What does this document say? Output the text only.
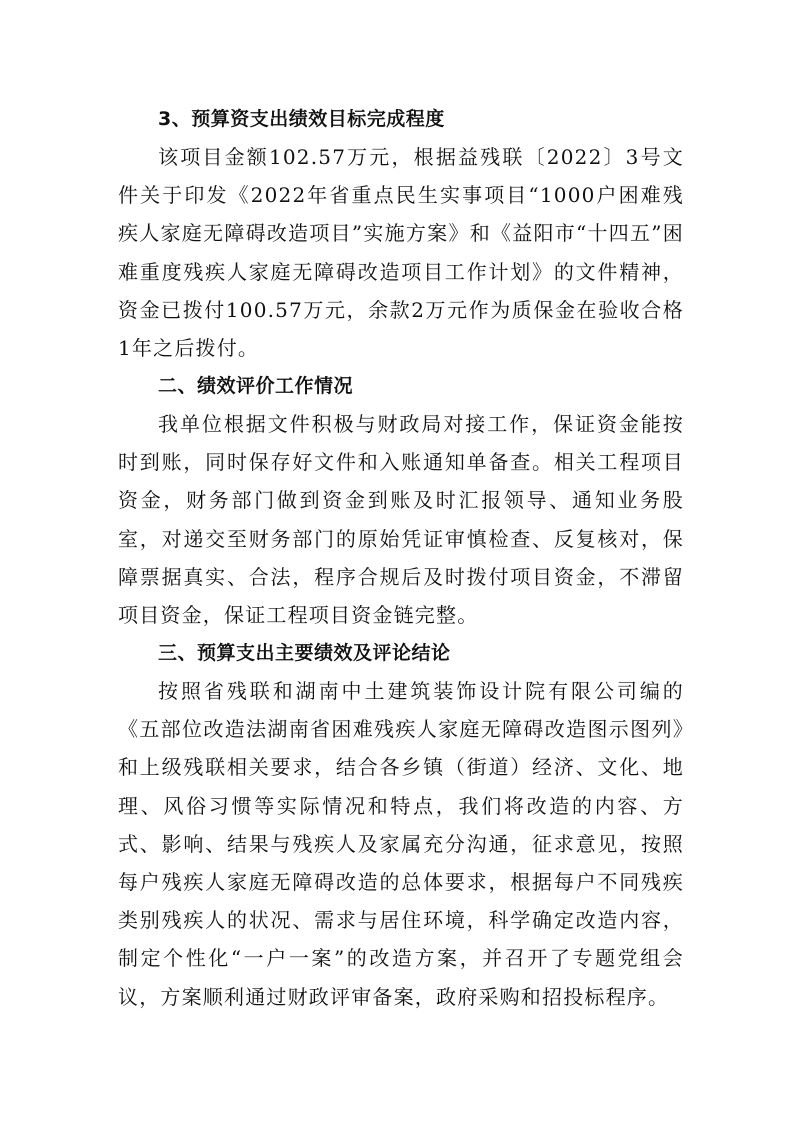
3、预算资支出绩效目标完成程度

该项目金额102.57万元，根据益残联〔2022〕3号文件关于印发《2022年省重点民生实事项目“1000户困难残疾人家庭无障碍改造项目”实施方案》和《益阳市“十四五”困难重度残疾人家庭无障碍改造项目工作计划》的文件精神，资金已拨付100.57万元，余款2万元作为质保金在验收合格1年之后拨付。

二、绩效评价工作情况

我单位根据文件积极与财政局对接工作，保证资金能按时到账，同时保存好文件和入账通知单备查。相关工程项目资金，财务部门做到资金到账及时汇报领导、通知业务股室，对递交至财务部门的原始凭证审慎检查、反复核对，保障票据真实、合法，程序合规后及时拨付项目资金，不滞留项目资金，保证工程项目资金链完整。

三、预算支出主要绩效及评论结论

按照省残联和湖南中土建筑装饰设计院有限公司编的《五部位改造法湖南省困难残疾人家庭无障碍改造图示图列》和上级残联相关要求，结合各乡镇（街道）经济、文化、地理、风俗习惯等实际情况和特点，我们将改造的内容、方式、影响、结果与残疾人及家属充分沟通，征求意见，按照每户残疾人家庭无障碍改造的总体要求，根据每户不同残疾类别残疾人的状况、需求与居住环境，科学确定改造内容，制定个性化“一户一案”的改造方案，并召开了专题党组会议，方案顺利通过财政评审备案，政府采购和招投标程序。
